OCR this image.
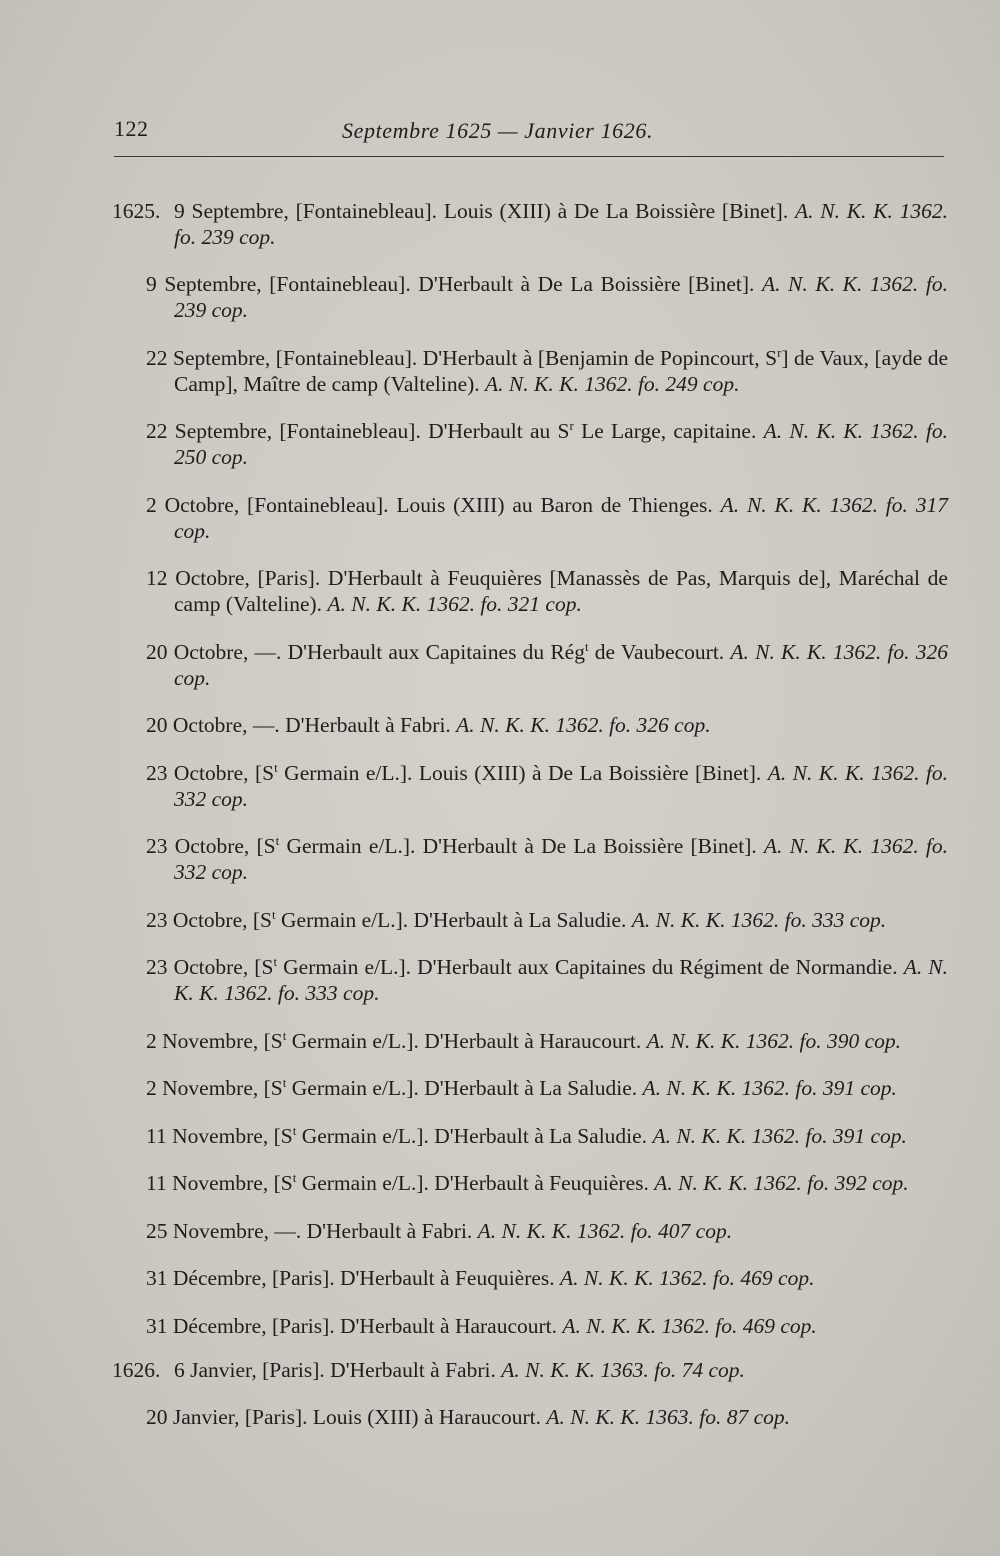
122	Septembre 1625 — Janvier 1626.

1625. 9 Septembre, [Fontainebleau]. Louis (XIII) à De La Boissière [Binet]. A. N. K. K. 1362. fo. 239 cop.

9 Septembre, [Fontainebleau]. D'Herbault à De La Boissière [Binet]. A. N. K. K. 1362. fo. 239 cop.

22 Septembre, [Fontainebleau]. D'Herbault à [Benjamin de Popincourt, $S^r$] de Vaux, [ayde de Camp], Maître de camp (Valteline). A. N. K. K. 1362. fo. 249 cop.

22 Septembre, [Fontainebleau]. D'Herbault au $S^r$ Le Large, capitaine. A. N. K. K. 1362. fo. 250 cop.

2 Octobre, [Fontainebleau]. Louis (XIII) au Baron de Thienges. A. N. K. K. 1362. fo. 317 cop.

12 Octobre, [Paris]. D'Herbault à Feuquières [Manassès de Pas, Marquis de], Maréchal de camp (Valteline). A. N. K. K. 1362. fo. 321 cop.

20 Octobre, —. D'Herbault aux Capitaines du Rég$^t$ de Vaubecourt. A. N. K. K. 1362. fo. 326 cop.

20 Octobre, —. D'Herbault à Fabri. A. N. K. K. 1362. fo. 326 cop.

23 Octobre, [$S^t$ Germain e/L.]. Louis (XIII) à De La Boissière [Binet]. A. N. K. K. 1362. fo. 332 cop.

23 Octobre, [$S^t$ Germain e/L.]. D'Herbault à De La Boissière [Binet]. A. N. K. K. 1362. fo. 332 cop.

23 Octobre, [$S^t$ Germain e/L.]. D'Herbault à La Saludie. A. N. K. K. 1362. fo. 333 cop.

23 Octobre, [$S^t$ Germain e/L.]. D'Herbault aux Capitaines du Régiment de Normandie. A. N. K. K. 1362. fo. 333 cop.

2 Novembre, [$S^t$ Germain e/L.]. D'Herbault à Haraucourt. A. N. K. K. 1362. fo. 390 cop.

2 Novembre, [$S^t$ Germain e/L.]. D'Herbault à La Saludie. A. N. K. K. 1362. fo. 391 cop.

11 Novembre, [$S^t$ Germain e/L.]. D'Herbault à La Saludie. A. N. K. K. 1362. fo. 391 cop.

11 Novembre, [$S^t$ Germain e/L.]. D'Herbault à Feuquières. A. N. K. K. 1362. fo. 392 cop.

25 Novembre, —. D'Herbault à Fabri. A. N. K. K. 1362. fo. 407 cop.

31 Décembre, [Paris]. D'Herbault à Feuquières. A. N. K. K. 1362. fo. 469 cop.

31 Décembre, [Paris]. D'Herbault à Haraucourt. A. N. K. K. 1362. fo. 469 cop.

1626. 6 Janvier, [Paris]. D'Herbault à Fabri. A. N. K. K. 1363. fo. 74 cop.

20 Janvier, [Paris]. Louis (XIII) à Haraucourt. A. N. K. K. 1363. fo. 87 cop.
